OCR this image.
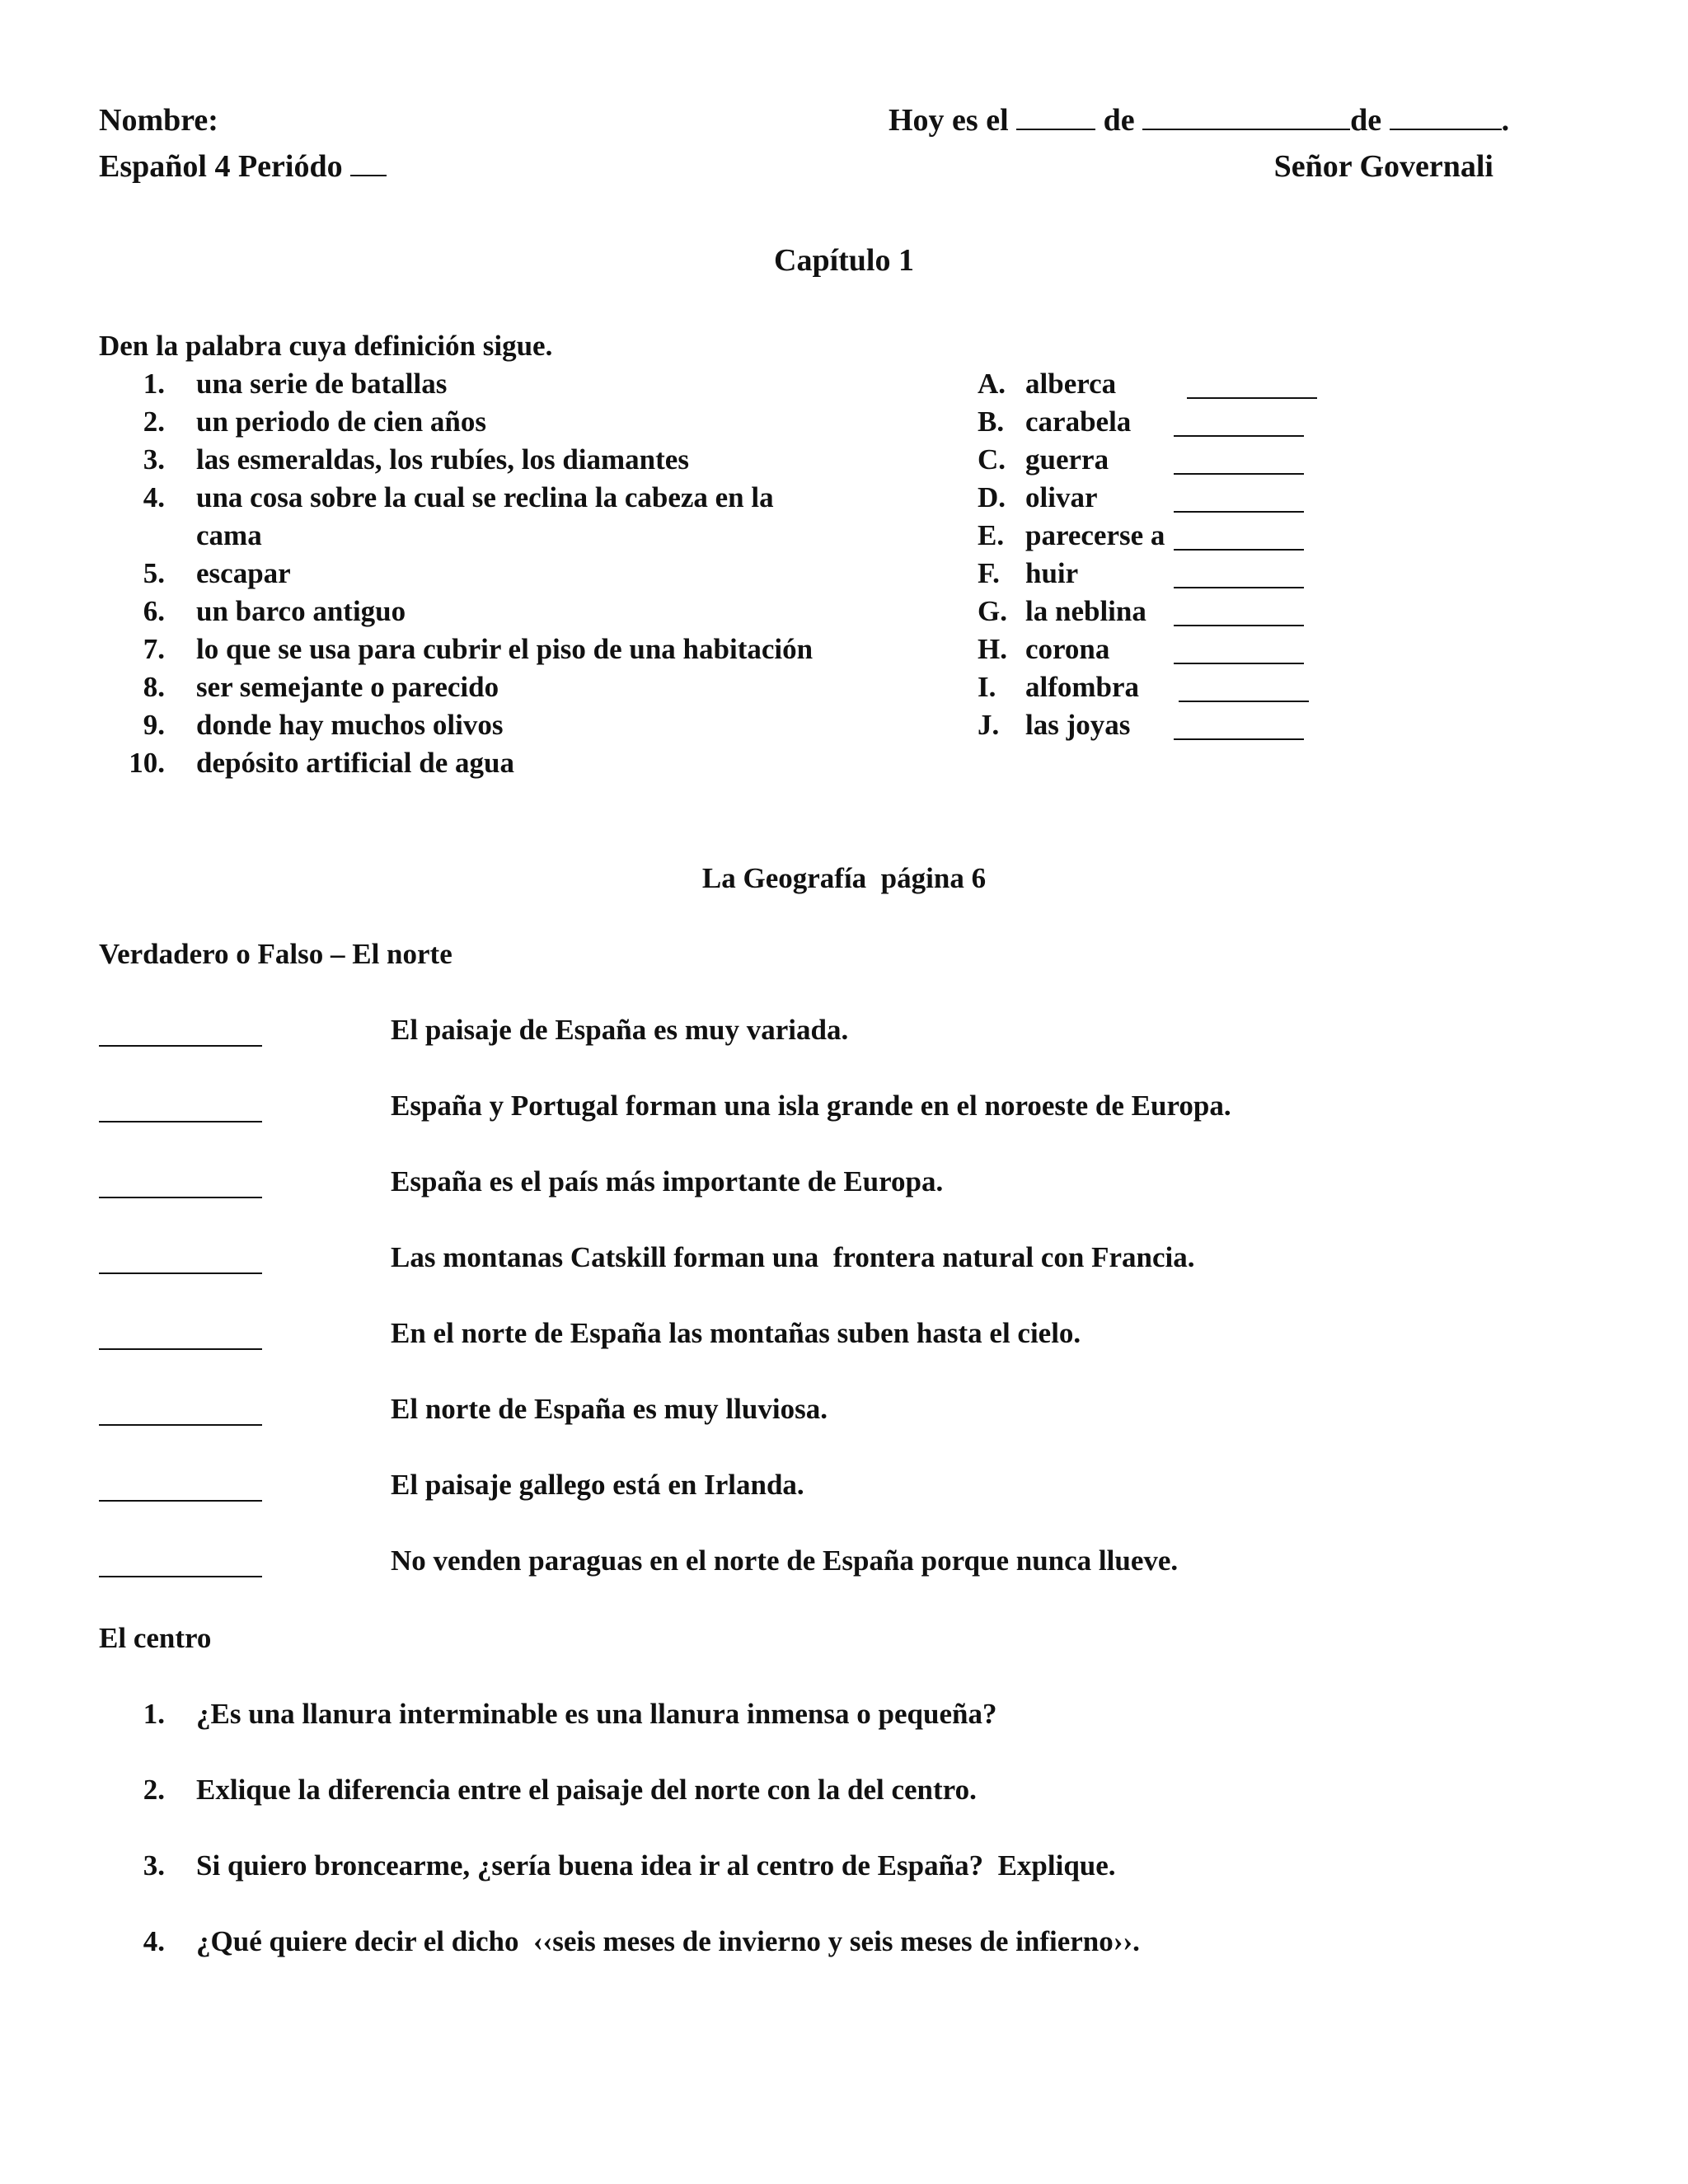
Nombre:	Hoy es el	de	de	.
Español 4 Periódo	Señor Governali
Capítulo 1
Den la palabra cuya definición sigue.
1. una serie de batallas
2. un periodo de cien años
3. las esmeraldas, los rubíes, los diamantes
4. una cosa sobre la cual se reclina la cabeza en la
cama
5. escapar
6. un barco antiguo
7. lo que se usa para cubrir el piso de una habitación
8. ser semejante o parecido
9. donde hay muchos olivos
10. depósito artificial de agua
A. alberca
B. carabela
C. guerra
D. olivar
E. parecerse a
F. huir
G. la neblina
H. corona
I.	alfombra
J. las joyas
La Geografía  página 6
Verdadero o Falso – El norte
El paisaje de España es muy variada.
España y Portugal forman una isla grande en el noroeste de Europa.
España es el país más importante de Europa.
Las montanas Catskill forman una  frontera natural con Francia.
En el norte de España las montañas suben hasta el cielo.
El norte de España es muy lluviosa.
El paisaje gallego está en Irlanda.
No venden paraguas en el norte de España porque nunca llueve.
El centro
1. ¿Es una llanura interminable es una llanura inmensa o pequeña?
2. Exlique la diferencia entre el paisaje del norte con la del centro.
3. Si quiero broncearme, ¿sería buena idea ir al centro de España?  Explique.
4. ¿Qué quiere decir el dicho  ‹‹seis meses de invierno y seis meses de infierno››.
